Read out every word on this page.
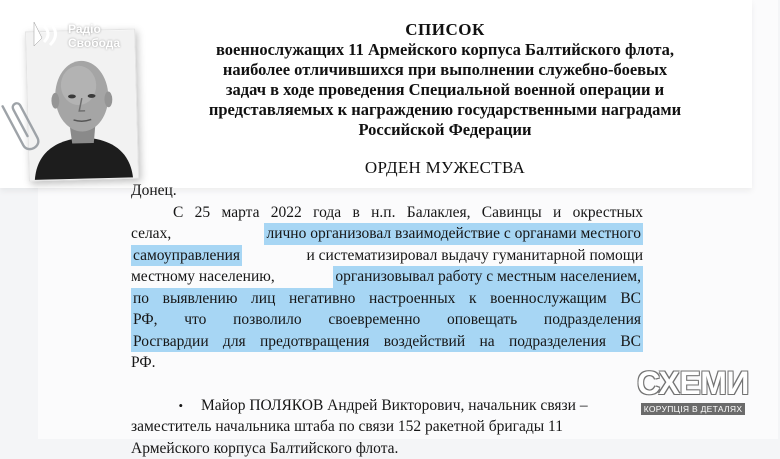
СПИСОК
военнослужащих 11 Армейского корпуса Балтийского флота,
наиболее отличившихся при выполнении служебно-боевых
задач в ходе проведения Специальной военной операции и
представляемых к награждению государственными наградами
Российской Федерации
ОРДЕН МУЖЕСТВА
Радіо
Свобода
Донец.
С 25 марта 2022 года в н.п. Балаклея, Савинцы и окрестных
селах,	лично организовал взаимодействие с органами местного
самоуправления	и систематизировал выдачу гуманитарной помощи
местному населению,	организовывал работу с местным населением,
по выявлению лиц негативно настроенных к военнослужащим ВС
РФ, что позволило своевременно оповещать подразделения
Росгвардии для предотвращения воздействий на подразделения ВС
РФ.
•	Майор ПОЛЯКОВ Андрей Викторович, начальник связи –
заместитель начальника штаба по связи 152 ракетной бригады 11
Армейского корпуса Балтийского флота.
СХЕМИ
КОРУПЦІЯ В ДЕТАЛЯХ
